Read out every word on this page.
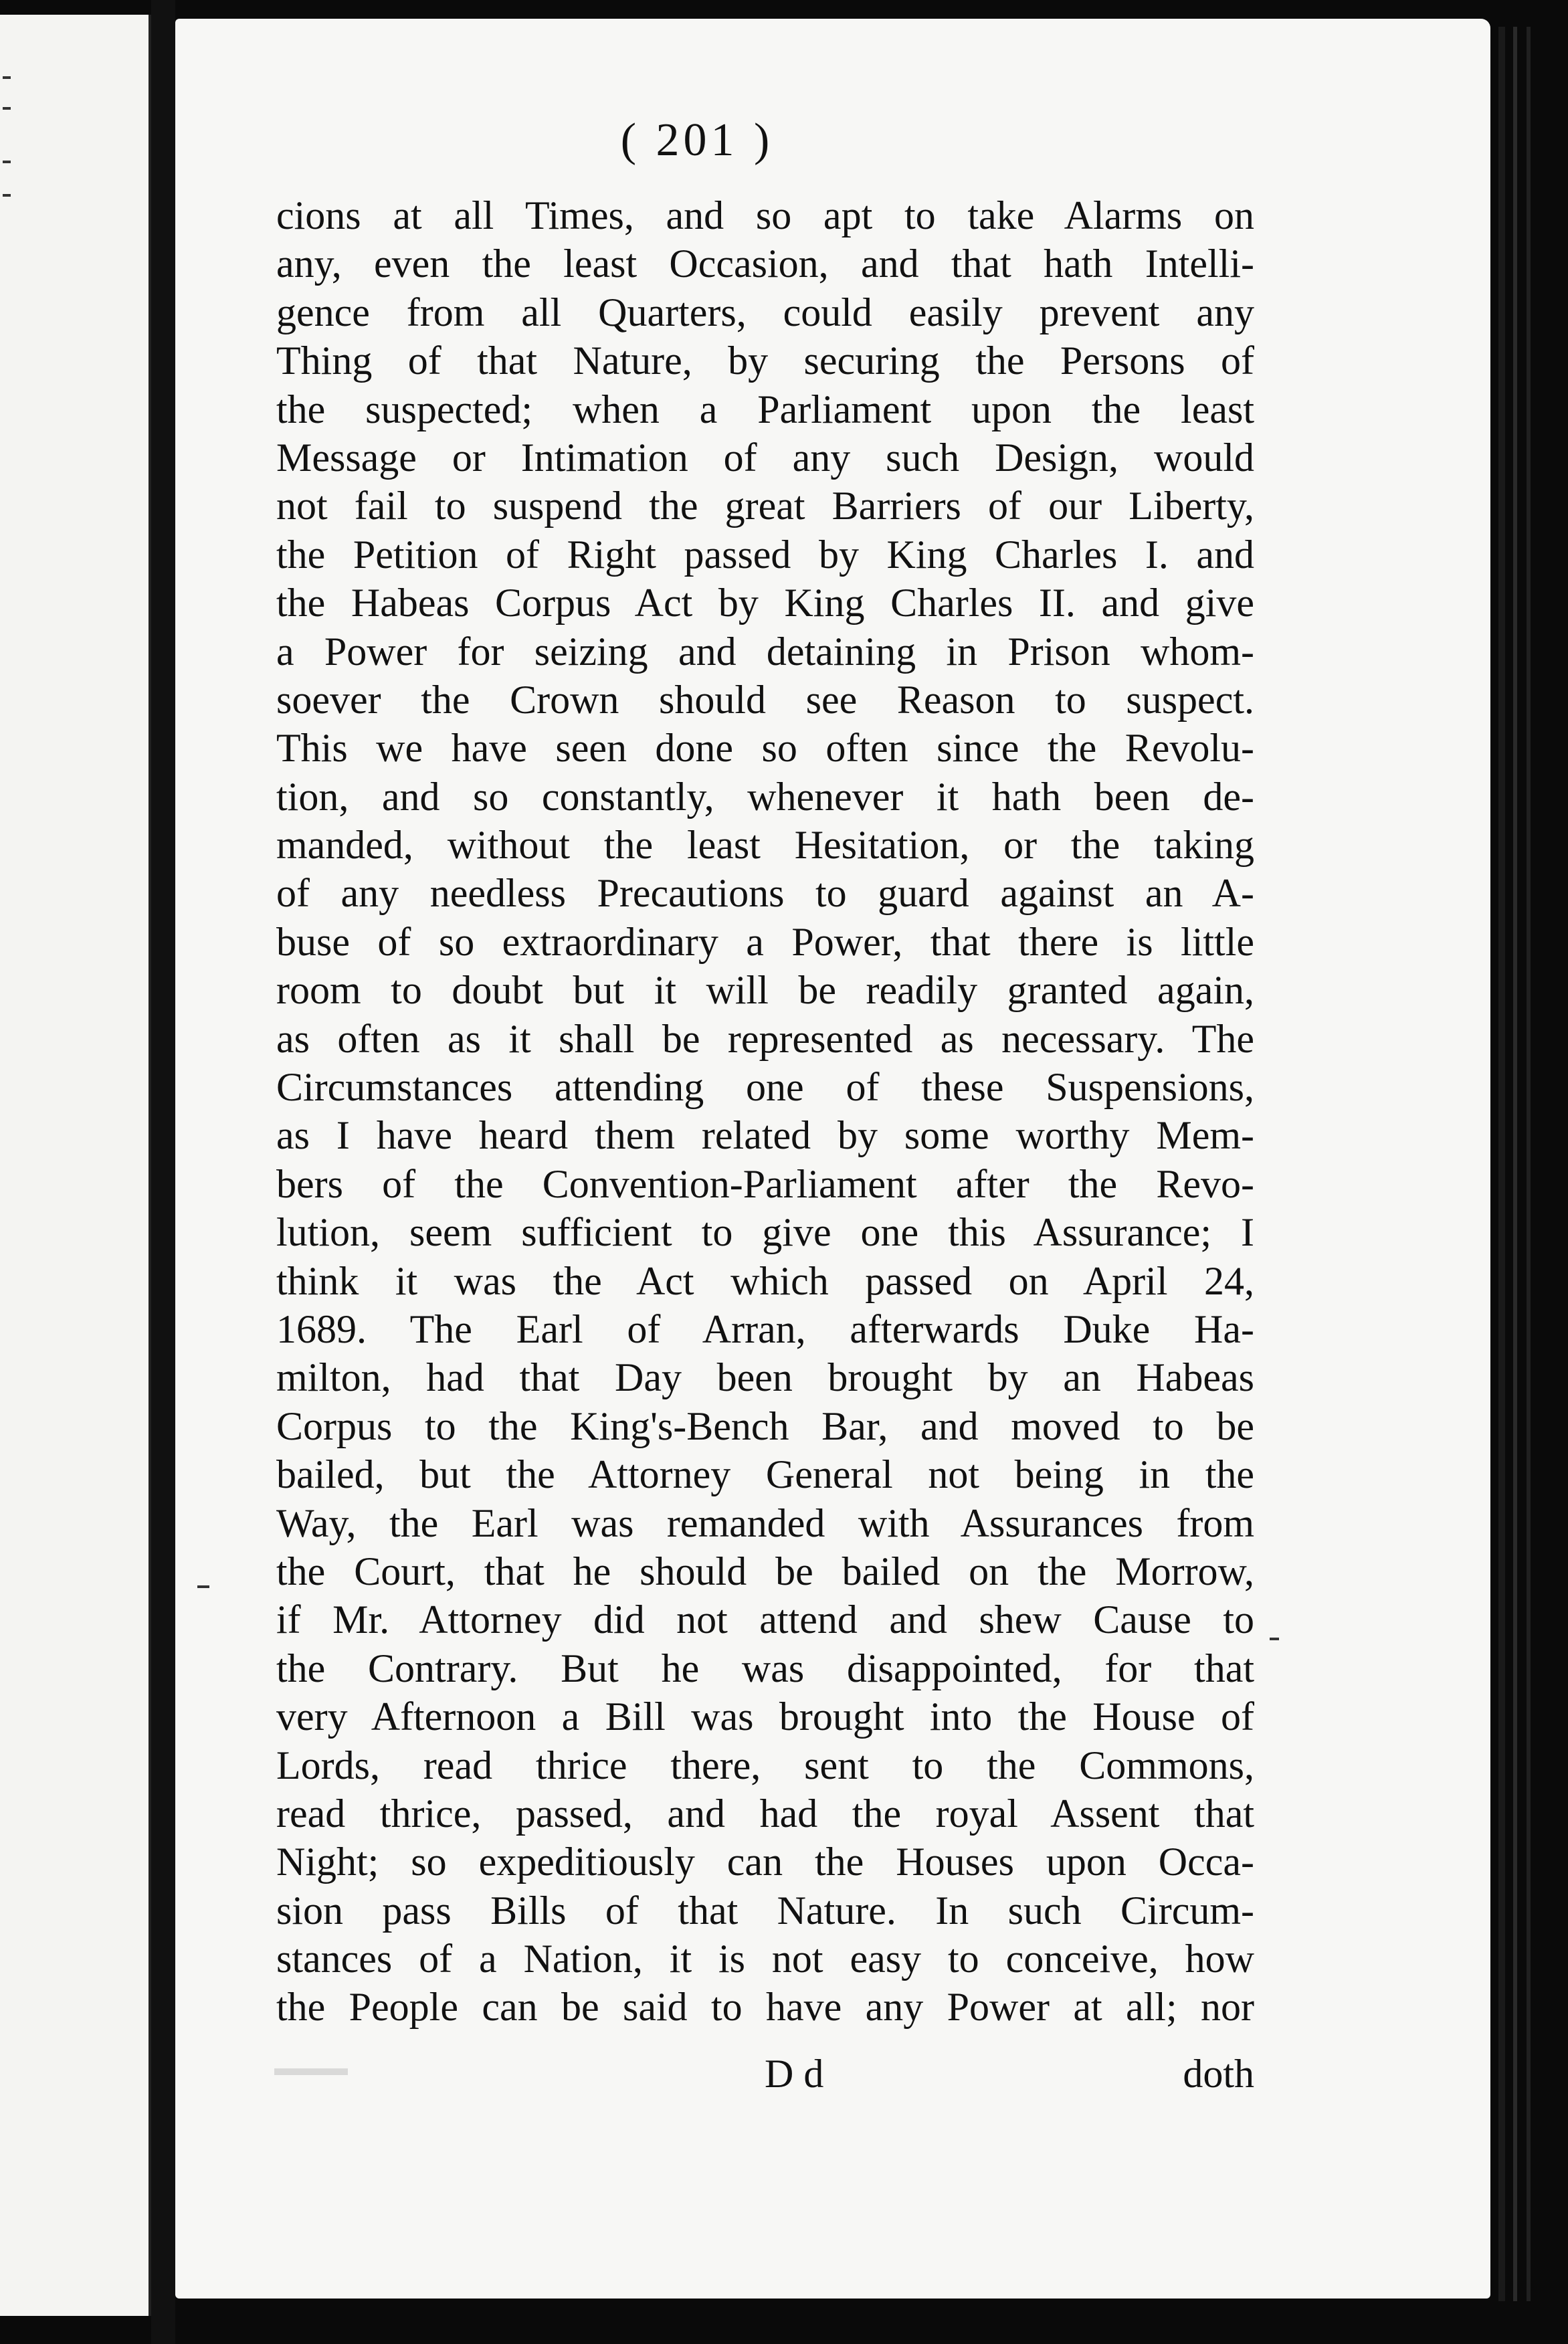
( 201 )
cions at all Times, and so apt to take Alarms on
any, even the least Occasion, and that hath Intelli-
gence from all Quarters, could easily prevent any
Thing of that Nature, by securing the Persons of
the suspected; when a Parliament upon the least
Message or Intimation of any such Design, would
not fail to suspend the great Barriers of our Liberty,
the Petition of Right passed by King Charles I. and
the Habeas Corpus Act by King Charles II. and give
a Power for seizing and detaining in Prison whom-
soever the Crown should see Reason to suspect.
This we have seen done so often since the Revolu-
tion, and so constantly, whenever it hath been de-
manded, without the least Hesitation, or the taking
of any needless Precautions to guard against an A-
buse of so extraordinary a Power, that there is little
room to doubt but it will be readily granted again,
as often as it shall be represented as necessary. The
Circumstances attending one of these Suspensions,
as I have heard them related by some worthy Mem-
bers of the Convention-Parliament after the Revo-
lution, seem sufficient to give one this Assurance; I
think it was the Act which passed on April 24,
1689. The Earl of Arran, afterwards Duke Ha-
milton, had that Day been brought by an Habeas
Corpus to the King's-Bench Bar, and moved to be
bailed, but the Attorney General not being in the
Way, the Earl was remanded with Assurances from
the Court, that he should be bailed on the Morrow,
if Mr. Attorney did not attend and shew Cause to
the Contrary. But he was disappointed, for that
very Afternoon a Bill was brought into the House of
Lords, read thrice there, sent to the Commons,
read thrice, passed, and had the royal Assent that
Night; so expeditiously can the Houses upon Occa-
sion pass Bills of that Nature. In such Circum-
stances of a Nation, it is not easy to conceive, how
the People can be said to have any Power at all; nor
D d	doth
